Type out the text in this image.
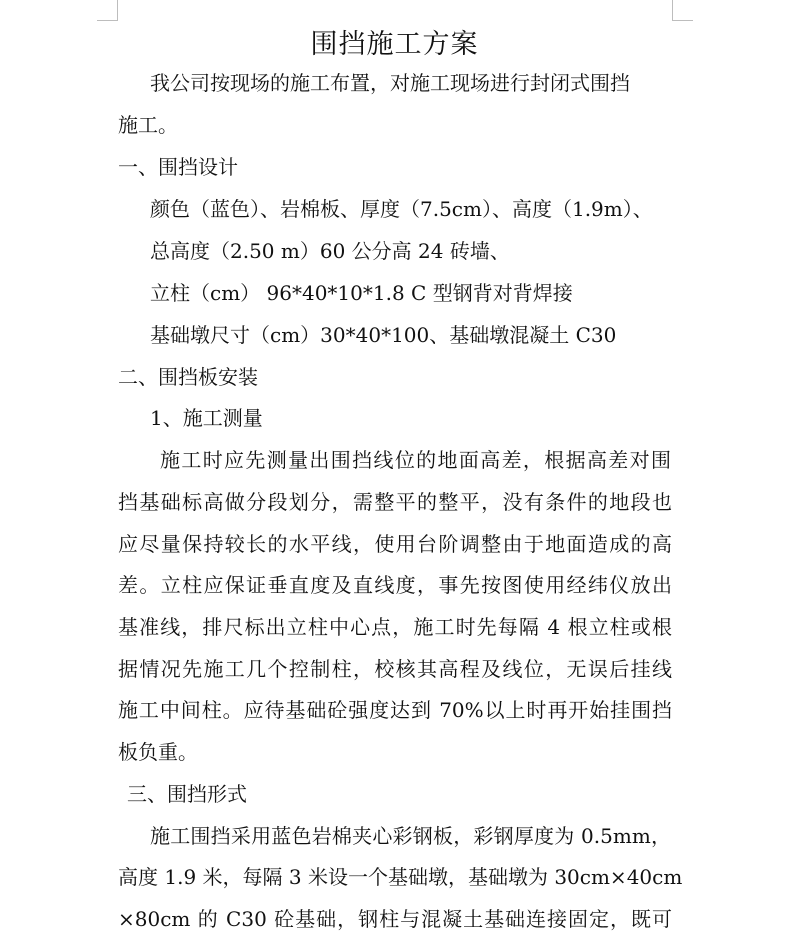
围挡施工方案
我公司按现场的施工布置，对施工现场进行封闭式围挡
施工。
一、围挡设计
颜色（蓝色）、岩棉板、厚度（7.5cm）、高度（1.9m）、
总高度（2.50 m）60 公分高 24 砖墙、
立柱（cm） 96*40*10*1.8 C 型钢背对背焊接
基础墩尺寸（cm）30*40*100、基础墩混凝土 C30
二、围挡板安装
1、施工测量
施工时应先测量出围挡线位的地面高差，根据高差对围
挡基础标高做分段划分，需整平的整平，没有条件的地段也
应尽量保持较长的水平线，使用台阶调整由于地面造成的高
差。立柱应保证垂直度及直线度，事先按图使用经纬仪放出
基准线，排尺标出立柱中心点，施工时先每隔 4 根立柱或根
据情况先施工几个控制柱，校核其高程及线位，无误后挂线
施工中间柱。应待基础砼强度达到 70%以上时再开始挂围挡
板负重。
三、围挡形式
施工围挡采用蓝色岩棉夹心彩钢板，彩钢厚度为 0.5mm，
高度 1.9 米，每隔 3 米设一个基础墩，基础墩为 30cm×40cm
×80cm 的 C30 砼基础，钢柱与混凝土基础连接固定，既可
